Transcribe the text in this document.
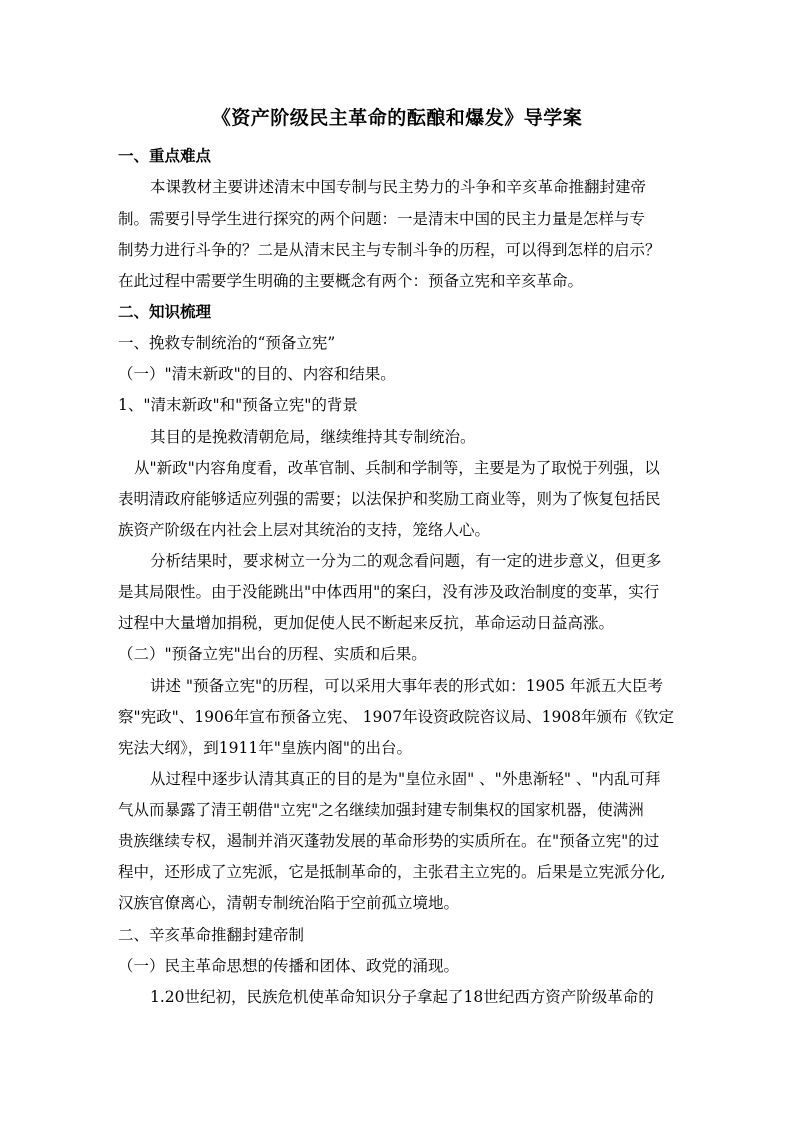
《资产阶级民主革命的酝酿和爆发》导学案
一、重点难点
本课教材主要讲述清末中国专制与民主势力的斗争和辛亥革命推翻封建帝
制。需要引导学生进行探究的两个问题：一是清末中国的民主力量是怎样与专
制势力进行斗争的？二是从清末民主与专制斗争的历程，可以得到怎样的启示？
在此过程中需要学生明确的主要概念有两个：预备立宪和辛亥革命。
二、知识梳理
一、挽救专制统治的“预备立宪”
（一）"清末新政"的目的、内容和结果。
1、"清末新政"和"预备立宪"的背景
其目的是挽救清朝危局，继续维持其专制统治。
从"新政"内容角度看，改革官制、兵制和学制等，主要是为了取悦于列强，以
表明清政府能够适应列强的需要；以法保护和奖励工商业等，则为了恢复包括民
族资产阶级在内社会上层对其统治的支持，笼络人心。
分析结果时，要求树立一分为二的观念看问题，有一定的进步意义，但更多
是其局限性。由于没能跳出"中体西用"的案臼，没有涉及政治制度的变革，实行
过程中大量增加捐税，更加促使人民不断起来反抗，革命运动日益高涨。
（二）"预备立宪"出台的历程、实质和后果。
讲述 "预备立宪"的历程，可以采用大事年表的形式如：1905 年派五大臣考
察"宪政"、1906年宣布预备立宪、 1907年设资政院咨议局、1908年颁布《钦定
宪法大纲》，到1911年"皇族内阁"的出台。
从过程中逐步认清其真正的目的是为"皇位永固" 、"外患渐轻" 、"内乱可拜
气从而暴露了清王朝借"立宪"之名继续加强封建专制集权的国家机器，使满洲
贵族继续专权，遏制并消灭蓬勃发展的革命形势的实质所在。在"预备立宪"的过
程中，还形成了立宪派，它是抵制革命的，主张君主立宪的。后果是立宪派分化,
汉族官僚离心，清朝专制统治陷于空前孤立境地。
二、辛亥革命推翻封建帝制
（一）民主革命思想的传播和团体、政党的涌现。
1.20世纪初，民族危机使革命知识分子拿起了18世纪西方资产阶级革命的
